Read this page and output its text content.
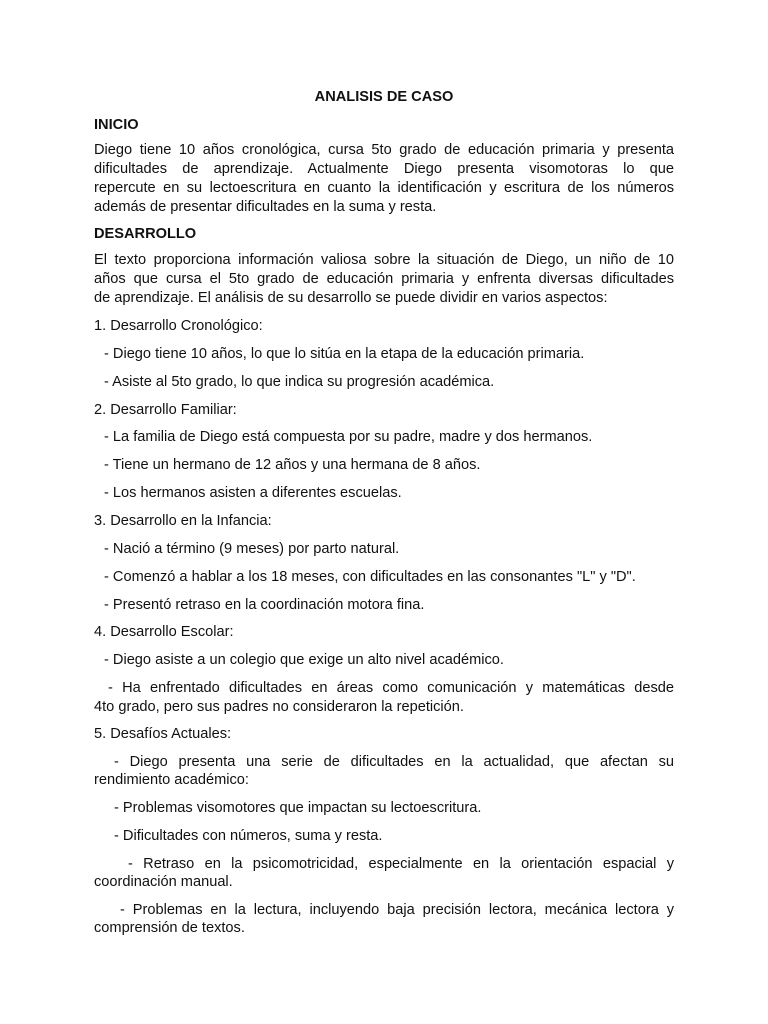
ANALISIS DE CASO

INICIO

Diego tiene 10 años cronológica, cursa 5to grado de educación primaria y presenta

dificultades de aprendizaje. Actualmente Diego presenta visomotoras lo que

repercute en su lectoescritura en cuanto la identificación y escritura de los números

además de presentar dificultades en la suma y resta.

DESARROLLO

El texto proporciona información valiosa sobre la situación de Diego, un niño de 10

años que cursa el 5to grado de educación primaria y enfrenta diversas dificultades

de aprendizaje. El análisis de su desarrollo se puede dividir en varios aspectos:

1. Desarrollo Cronológico:

- Diego tiene 10 años, lo que lo sitúa en la etapa de la educación primaria.

- Asiste al 5to grado, lo que indica su progresión académica.

2. Desarrollo Familiar:

- La familia de Diego está compuesta por su padre, madre y dos hermanos.

- Tiene un hermano de 12 años y una hermana de 8 años.

- Los hermanos asisten a diferentes escuelas.

3. Desarrollo en la Infancia:

- Nació a término (9 meses) por parto natural.

- Comenzó a hablar a los 18 meses, con dificultades en las consonantes "L" y "D".

- Presentó retraso en la coordinación motora fina.

4. Desarrollo Escolar:

- Diego asiste a un colegio que exige un alto nivel académico.

- Ha enfrentado dificultades en áreas como comunicación y matemáticas desde

4to grado, pero sus padres no consideraron la repetición.

5. Desafíos Actuales:

- Diego presenta una serie de dificultades en la actualidad, que afectan su

rendimiento académico:

- Problemas visomotores que impactan su lectoescritura.

- Dificultades con números, suma y resta.

- Retraso en la psicomotricidad, especialmente en la orientación espacial y

coordinación manual.

- Problemas en la lectura, incluyendo baja precisión lectora, mecánica lectora y

comprensión de textos.
